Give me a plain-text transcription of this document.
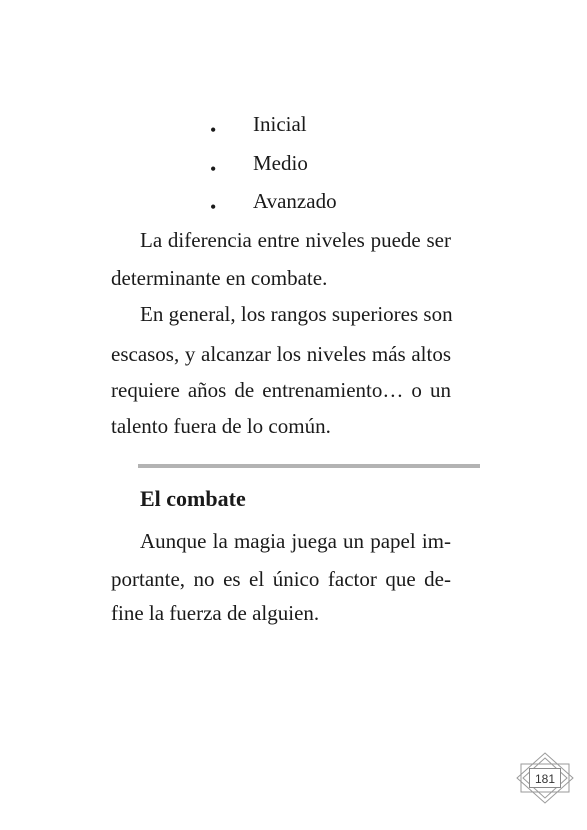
• Inicial
• Medio
• Avanzado
La diferencia entre niveles puede ser
determinante en combate.
En general, los rangos superiores son
escasos, y alcanzar los niveles más altos
requiere años de entrenamiento… o un
talento fuera de lo común.
El combate
Aunque la magia juega un papel im-
portante, no es el único factor que de-
fine la fuerza de alguien.
181
